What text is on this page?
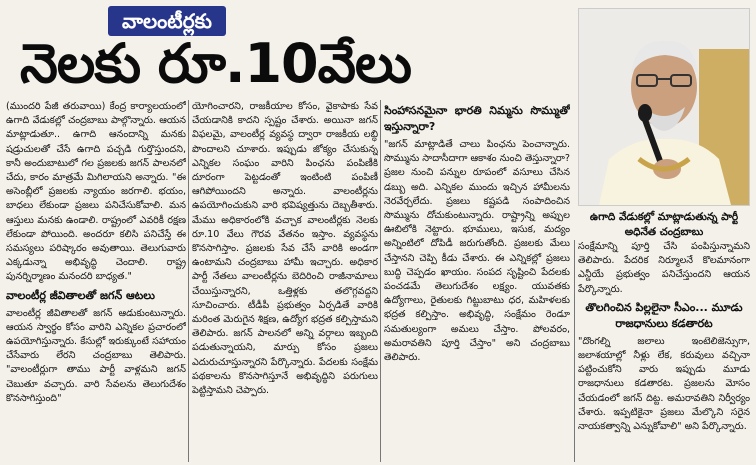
వాలంటీర్లకు
నెలకు రూ.10వేలు
ఉగాది వేడుకల్లో మాట్లాడుతున్న పార్టీ అధినేత చంద్రబాబు

(ముందరి పేజీ తరువాయి) కేంద్ర కార్యాలయంలో ఉగాది వేడుకల్లో చంద్రబాబు పాల్గొన్నారు. ఆయన మాట్లాడుతూ.. ఉగాది ఆనందాన్ని మనకు షడ్రుచులతో చేసే ఉగాది పచ్చడి గుర్తొస్తుందని, కానీ అందుబాటులో గల ప్రజలకు జగన్ పాలనలో చేదు, కారం మాత్రమే మిగిలాయని అన్నారు. "ఈ అసెంబ్లీలో ప్రజలకు న్యాయం జరగాలి. భయం, బాధలు లేకుండా ప్రజలు పనిచేసుకోవాలి. మన ఆస్తులు మనకు ఉండాలి. రాష్ట్రంలో ఎవరికీ రక్షణ లేకుండా పోయింది. అందరూ కలిసి పనిచేస్తే ఈ సమస్యలు పరిష్కారం అవుతాయి. తెలుగువారు ఎక్కడున్నా అభివృద్ధి చెందాలి. రాష్ట్ర పునర్నిర్మాణం మనందరి బాధ్యత."

వాలంటీర్ల జీవితాలతో జగన్ ఆటలు

వాలంటీర్ల జీవితాలతో జగన్ ఆడుకుంటున్నారు. ఆయన స్వార్థం కోసం వారిని ఎన్నికల ప్రచారంలో ఉపయోగిస్తున్నారు. కేసుల్లో ఇరుక్కుంటే సహాయం చేసేవారు లేరని చంద్రబాబు తెలిపారు. "వాలంటీర్లుగా తాము పార్టీ వాళ్లమని జగన్ చెబుతూ వచ్చారు. వారి సేవలను తెలుగుదేశం కొనసాగిస్తుంది"

యోగించారని, రాజకీయాల కోసం, వైకాపాకు సేవ చేయడానికి కాదని స్పష్టం చేశారు. అయినా జగన్ విఫలమై, వాలంటీర్ల వ్యవస్థ ద్వారా రాజకీయ లబ్ధి పొందాలని చూశారు. ఇప్పుడు జోక్యం చేసుకున్న ఎన్నికల సంఘం వారిని పింఛను పంపిణీకి దూరంగా పెట్టడంతో ఇంటింటి పంపిణీ ఆగిపోయిందని అన్నారు. వాలంటీర్లను ఉపయోగించుకుని వారి భవిష్యత్తును దెబ్బతీశారు. మేము అధికారంలోకి వచ్చాక వాలంటీర్లకు నెలకు రూ.10 వేలు గౌరవ వేతనం ఇస్తాం. వ్యవస్థను కొనసాగిస్తాం. ప్రజలకు సేవ చేసే వారికి అండగా ఉంటామని చంద్రబాబు హామీ ఇచ్చారు. అధికార పార్టీ నేతలు వాలంటీర్లను బెదిరించి రాజీనామాలు చేయిస్తున్నారని, ఒత్తిళ్లకు తలొగ్గవద్దని సూచించారు. టీడీపీ ప్రభుత్వం ఏర్పడితే వారికి మరింత మెరుగైన శిక్షణ, ఉద్యోగ భద్రత కల్పిస్తామని తెలిపారు. జగన్ పాలనలో అన్ని వర్గాలు ఇబ్బంది పడుతున్నాయని, మార్పు కోసం ప్రజలు ఎదురుచూస్తున్నారని పేర్కొన్నారు. పేదలకు సంక్షేమ పథకాలను కొనసాగిస్తూనే అభివృద్ధిని పరుగులు పెట్టిస్తామని చెప్పారు.

సింహాసనమైనా భారతి నిమ్మను సొమ్ముతో ఇస్తున్నారా?

"జగన్ మాట్లాడితే చాలు పింఛను పెంచాన్నారు. సొమ్మును సాదాసీదాగా ఆకాశం నుంచి తెస్తున్నారా? ప్రజల నుంచి పన్నుల రూపంలో వసూలు చేసిన డబ్బు అది. ఎన్నికల ముందు ఇచ్చిన హామీలను నెరవేర్చలేదు. ప్రజలు కష్టపడి సంపాదించిన సొమ్మును దోచుకుంటున్నారు. రాష్ట్రాన్ని అప్పుల ఊబిలోకి నెట్టారు. భూములు, ఇసుక, మద్యం అన్నింటిలో దోపిడీ జరుగుతోంది. ప్రజలకు మేలు చేస్తానని చెప్పి కీడు చేశారు. ఈ ఎన్నికల్లో ప్రజలు బుద్ధి చెప్పడం ఖాయం. సంపద సృష్టించి పేదలకు పంచడమే తెలుగుదేశం లక్ష్యం. యువతకు ఉద్యోగాలు, రైతులకు గిట్టుబాటు ధర, మహిళలకు భద్రత కల్పిస్తాం. అభివృద్ధి, సంక్షేమం రెండూ సమతుల్యంగా అమలు చేస్తాం. పోలవరం, అమరావతిని పూర్తి చేస్తాం" అని చంద్రబాబు తెలిపారు.

సంక్షేమాన్ని పూర్తి చేసి పంపిస్తున్నామని తెలిపారు. పేదరిక నిర్మూలనే కొలమానంగా ఎన్డీయే ప్రభుత్వం పనిచేస్తుందని ఆయన పేర్కొన్నారు.

తొలగించిన పిల్లలైనా సీఎం... మూడు రాజధానులు కడతారట

"దొంగల్ని జలాలు ఇంటెలిజెన్సుగా, జలాశయాల్లో నీళ్లు లేక, కరువులు వచ్చినా పట్టించుకోని వారు ఇప్పుడు మూడు రాజధానులు కడతారట. ప్రజలను మోసం చేయడంలో జగన్ దిట్ట. అమరావతిని నిర్వీర్యం చేశారు. ఇప్పటికైనా ప్రజలు మేల్కొని సరైన నాయకత్వాన్ని ఎన్నుకోవాలి" అని పేర్కొన్నారు.
